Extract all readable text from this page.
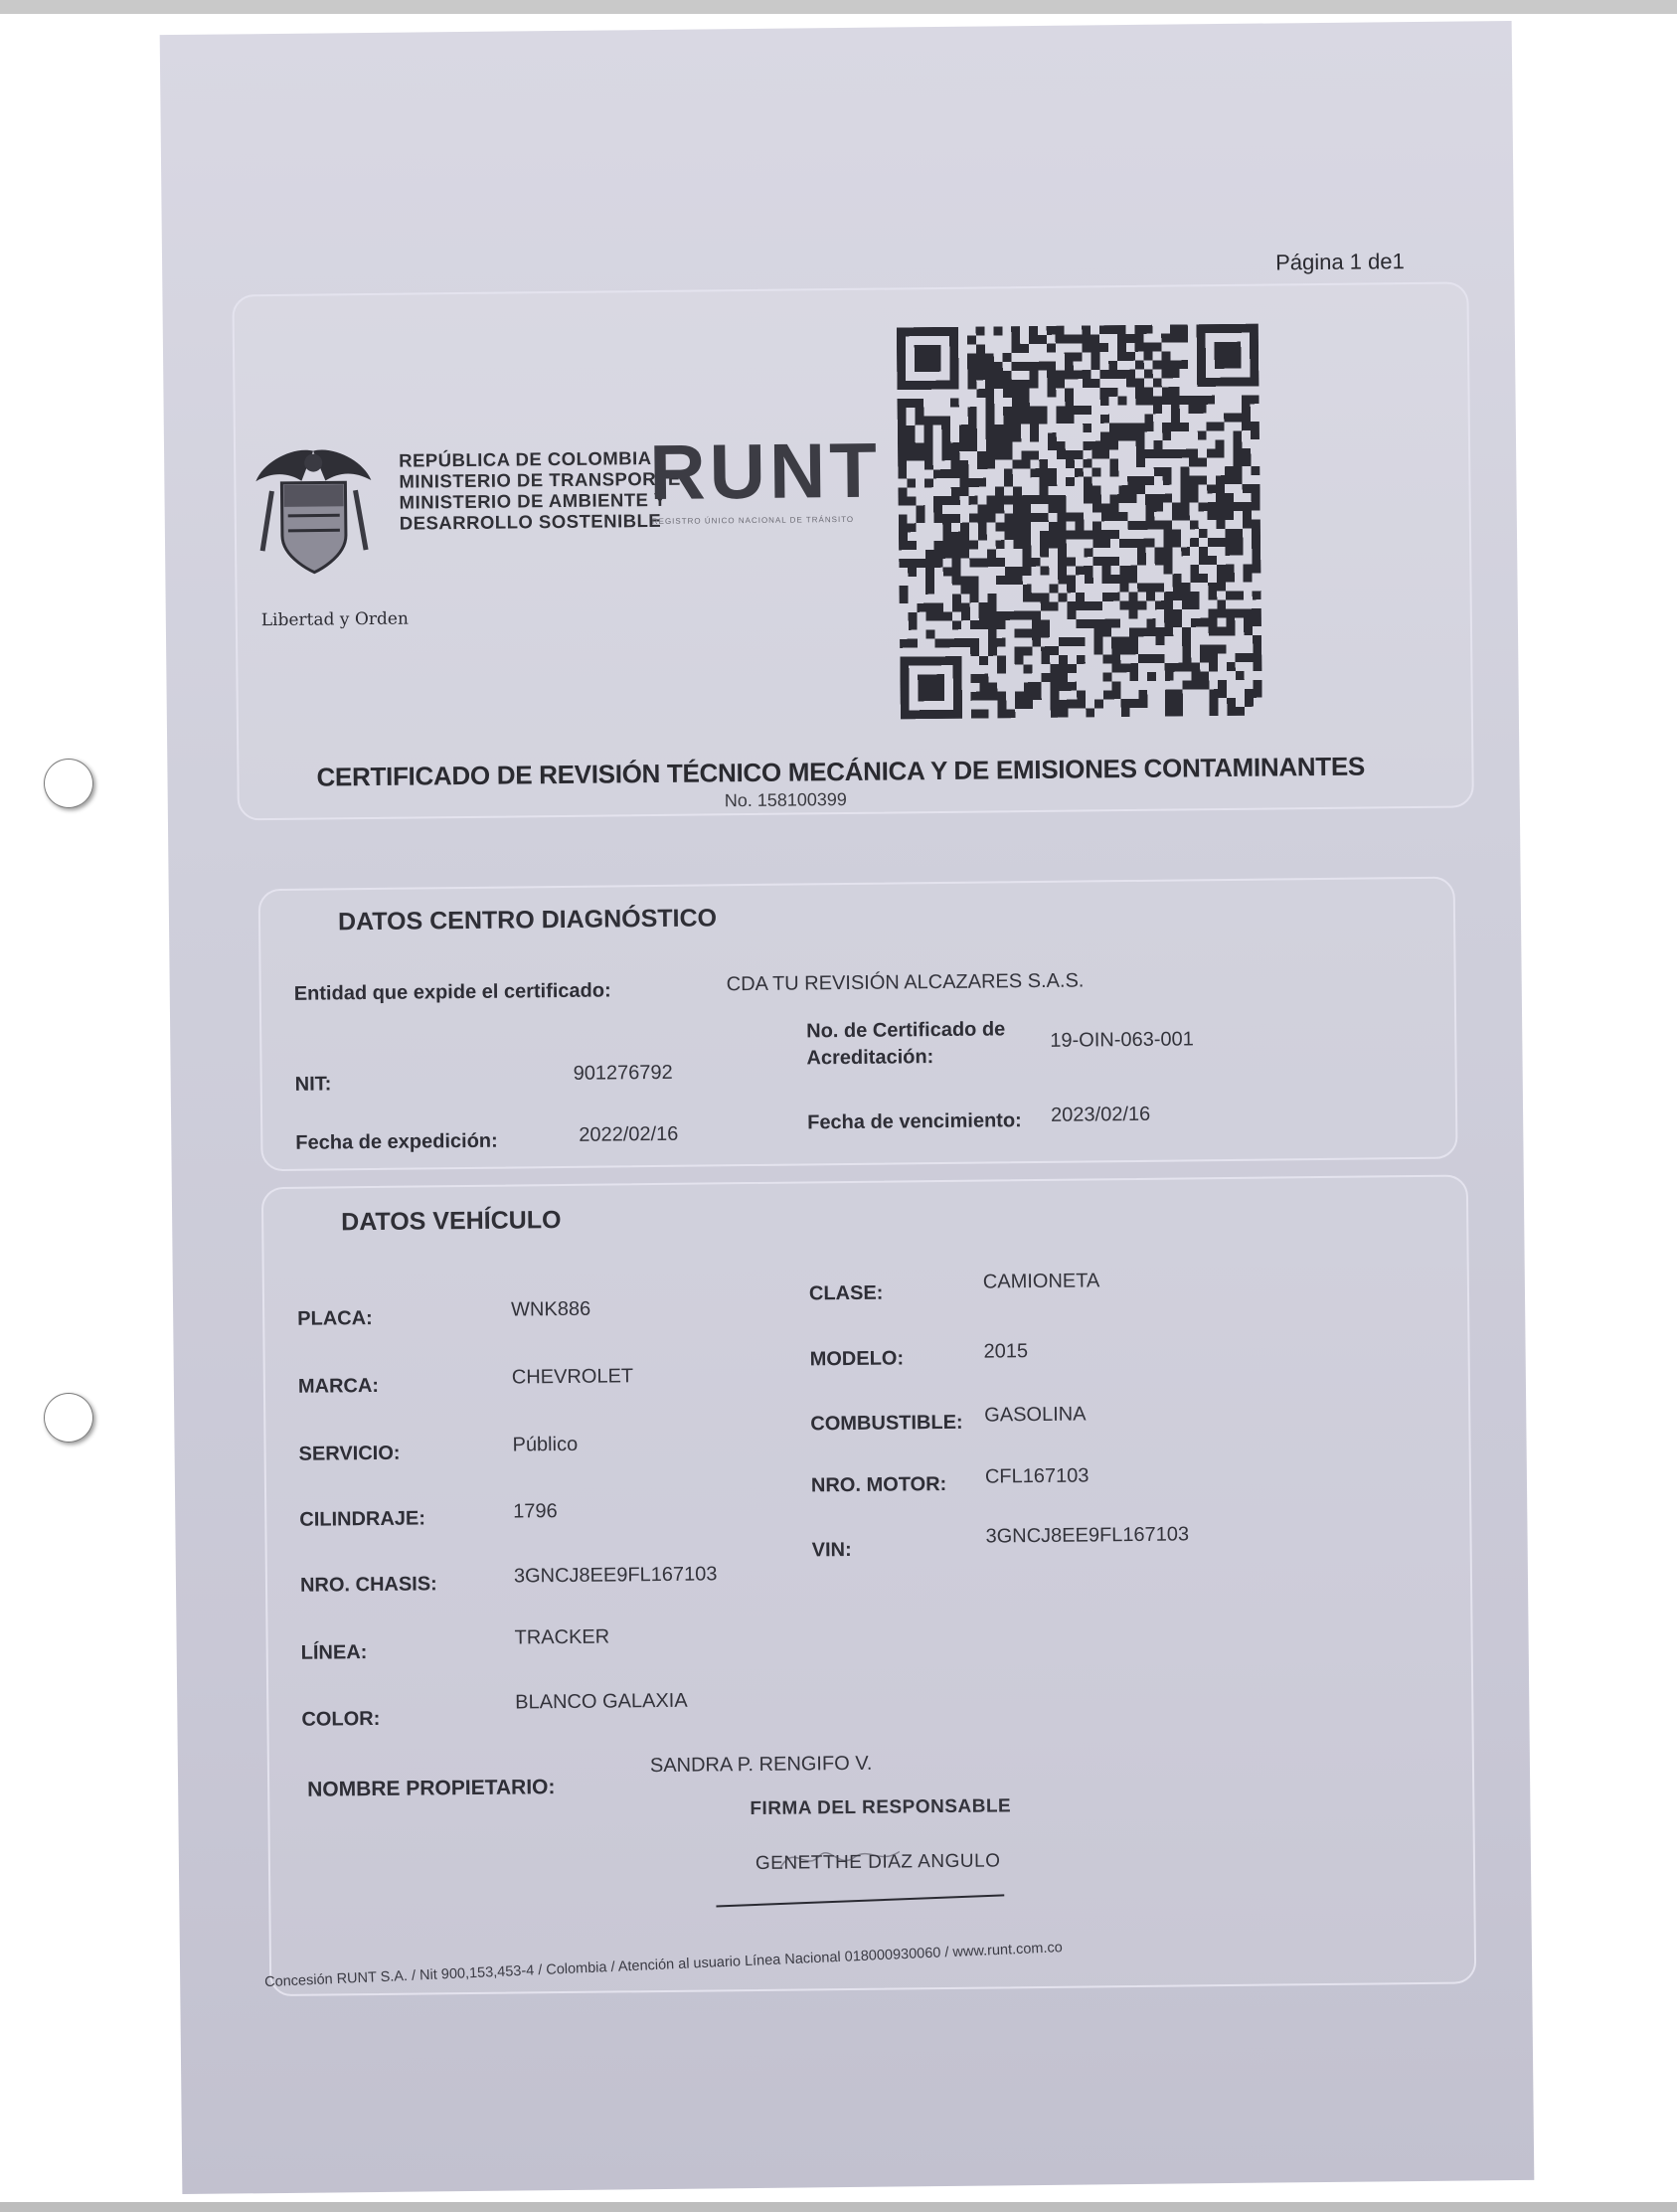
Página 1 de1
Libertad y Orden
REPÚBLICA DE COLOMBIA
MINISTERIO DE TRANSPORTE
MINISTERIO DE AMBIENTE Y
DESARROLLO SOSTENIBLE
RUNT
REGISTRO ÚNICO NACIONAL DE TRÁNSITO
CERTIFICADO DE REVISIÓN TÉCNICO MECÁNICA Y DE EMISIONES CONTAMINANTES
No. 158100399
DATOS CENTRO DIAGNÓSTICO
Entidad que expide el certificado:	CDA TU REVISIÓN ALCAZARES S.A.S.
No. de Certificado de
Acreditación:
19-OIN-063-001
NIT:	901276792
Fecha de expedición:	2022/02/16
Fecha de vencimiento: 2023/02/16
DATOS VEHÍCULO
PLACA:	WNK886
MARCA:	CHEVROLET
SERVICIO:	Público
CILINDRAJE:	1796
NRO. CHASIS:	3GNCJ8EE9FL167103
LÍNEA:
TRACKER
COLOR:
BLANCO GALAXIA
CLASE:
CAMIONETA
MODELO:	2015
COMBUSTIBLE: GASOLINA
NRO. MOTOR: CFL167103
VIN:
3GNCJ8EE9FL167103
NOMBRE PROPIETARIO:
SANDRA P. RENGIFO V.
FIRMA DEL RESPONSABLE
GENETTHE DIAZ ANGULO
Concesión RUNT S.A. / Nit 900,153,453-4 / Colombia / Atención al usuario Línea Nacional 018000930060 / www.runt.com.co
